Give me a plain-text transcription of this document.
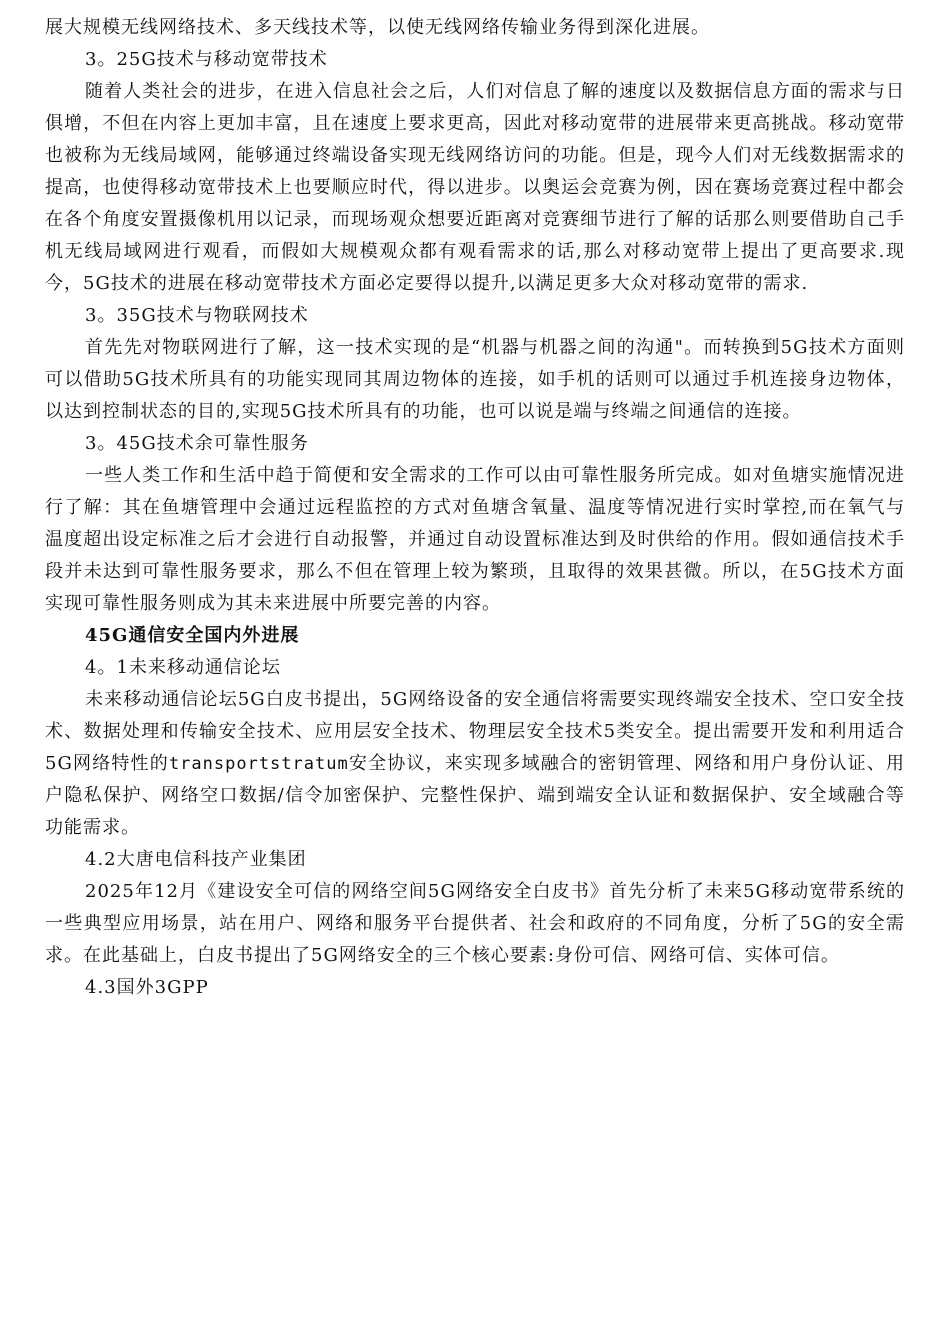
展大规模无线网络技术、多天线技术等，以使无线网络传输业务得到深化进展。

3。25G技术与移动宽带技术

随着人类社会的进步，在进入信息社会之后，人们对信息了解的速度以及数据信息方面的需求与日俱增，不但在内容上更加丰富，且在速度上要求更高，因此对移动宽带的进展带来更高挑战。移动宽带也被称为无线局域网，能够通过终端设备实现无线网络访问的功能。但是，现今人们对无线数据需求的提高，也使得移动宽带技术上也要顺应时代，得以进步。以奥运会竞赛为例，因在赛场竞赛过程中都会在各个角度安置摄像机用以记录，而现场观众想要近距离对竞赛细节进行了解的话那么则要借助自己手机无线局域网进行观看，而假如大规模观众都有观看需求的话,那么对移动宽带上提出了更高要求.现今，5G技术的进展在移动宽带技术方面必定要得以提升,以满足更多大众对移动宽带的需求.

3。35G技术与物联网技术

首先先对物联网进行了解，这一技术实现的是“机器与机器之间的沟通"。而转换到5G技术方面则可以借助5G技术所具有的功能实现同其周边物体的连接，如手机的话则可以通过手机连接身边物体，以达到控制状态的目的,实现5G技术所具有的功能，也可以说是端与终端之间通信的连接。

3。45G技术余可靠性服务

一些人类工作和生活中趋于简便和安全需求的工作可以由可靠性服务所完成。如对鱼塘实施情况进行了解：其在鱼塘管理中会通过远程监控的方式对鱼塘含氧量、温度等情况进行实时掌控,而在氧气与温度超出设定标准之后才会进行自动报警，并通过自动设置标准达到及时供给的作用。假如通信技术手段并未达到可靠性服务要求，那么不但在管理上较为繁琐，且取得的效果甚微。所以，在5G技术方面实现可靠性服务则成为其未来进展中所要完善的内容。

45G通信安全国内外进展

4。1未来移动通信论坛

未来移动通信论坛5G白皮书提出，5G网络设备的安全通信将需要实现终端安全技术、空口安全技术、数据处理和传输安全技术、应用层安全技术、物理层安全技术5类安全。提出需要开发和利用适合5G网络特性的transportstratum安全协议，来实现多域融合的密钥管理、网络和用户身份认证、用户隐私保护、网络空口数据/信令加密保护、完整性保护、端到端安全认证和数据保护、安全域融合等功能需求。

4.2大唐电信科技产业集团

2025年12月《建设安全可信的网络空间5G网络安全白皮书》首先分析了未来5G移动宽带系统的一些典型应用场景，站在用户、网络和服务平台提供者、社会和政府的不同角度，分析了5G的安全需求。在此基础上，白皮书提出了5G网络安全的三个核心要素:身份可信、网络可信、实体可信。

4.3国外3GPP
